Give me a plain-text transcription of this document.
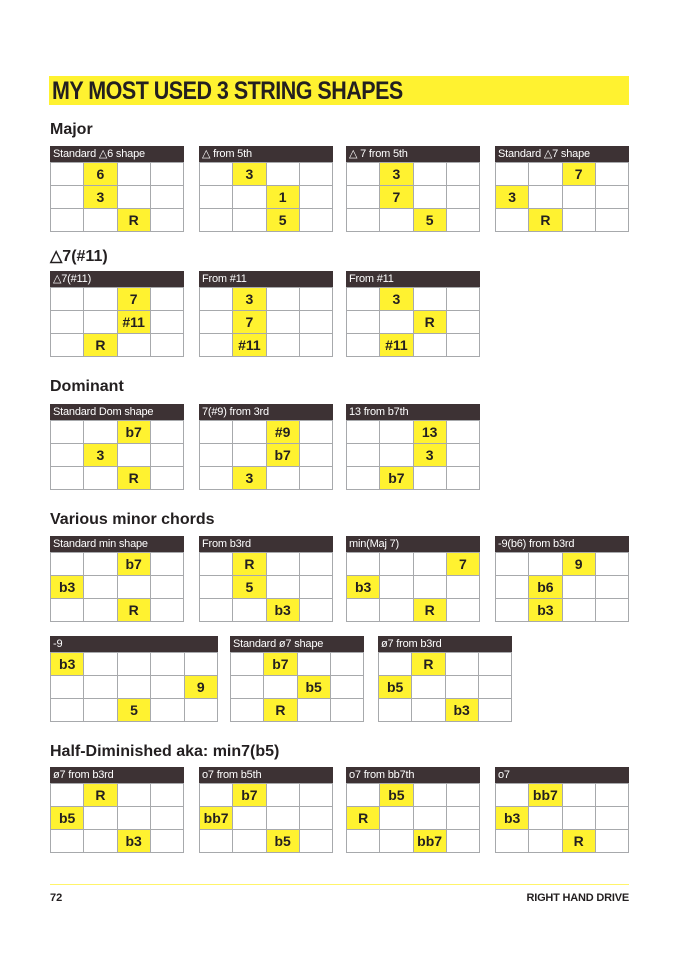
MY MOST USED 3 STRING SHAPES
Major
Standard △6 shape
	6		
	3		
		R	
△ from 5th
	3		
		1	
		5	
△ 7 from 5th
	3		
	7		
		5	
Standard △7 shape
		7	
3			
	R		
△7(#11)
△7(#11)
		7	
		#11	
	R		
From #11
	3		
	7		
	#11		
From #11
	3		
		R	
	#11		
Dominant
Standard Dom shape
		b7	
	3		
		R	
7(#9) from 3rd
		#9	
		b7	
	3		
13 from b7th
		13	
		3	
	b7		
Various minor chords
Standard min shape
		b7	
b3			
		R	
From b3rd
	R		
	5		
		b3	
min(Maj 7)
			7
b3			
		R	
-9(b6) from b3rd
		9	
	b6		
	b3		
-9
b3				
				9
		5		
Standard ø7 shape
	b7		
		b5	
	R		
ø7 from b3rd
	R		
b5			
		b3	
Half-Diminished aka: min7(b5)
ø7 from b3rd
	R		
b5			
		b3	
o7 from b5th
	b7		
bb7			
		b5	
o7 from bb7th
	b5		
R			
		bb7	
o7
	bb7		
b3			
		R	
72	RIGHT HAND DRIVE
